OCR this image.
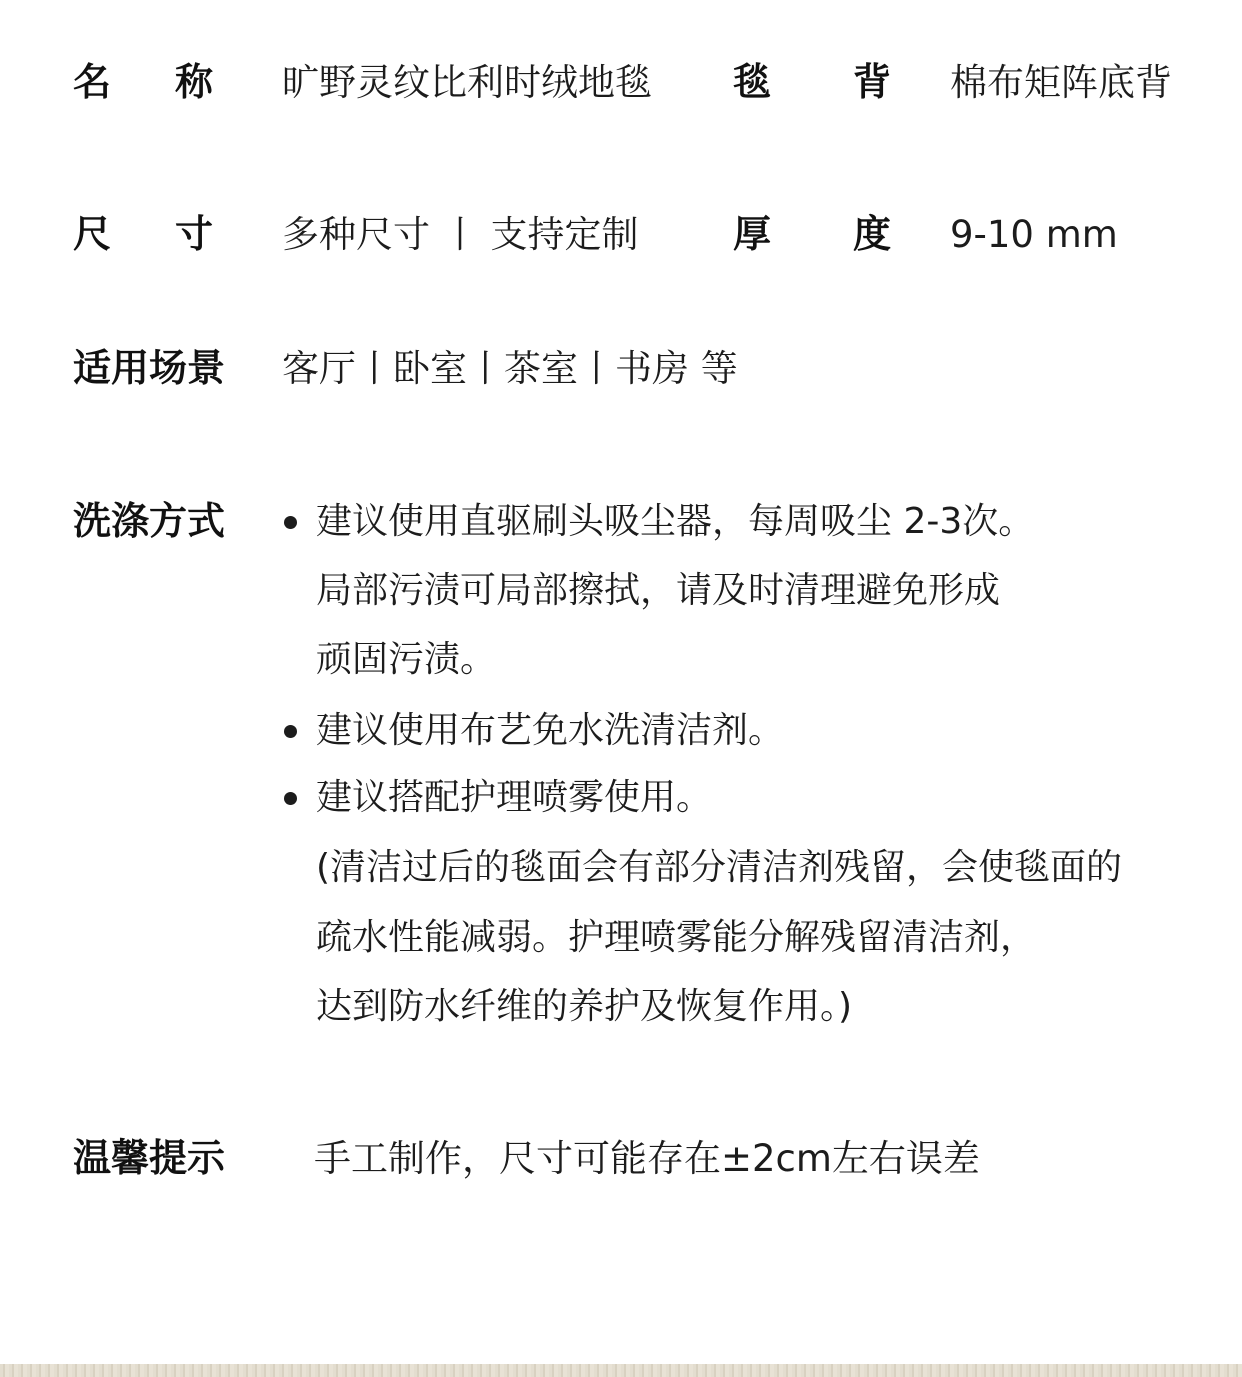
名 称 旷野灵纹比利时绒地毯 毯 背 棉布矩阵底背
尺 寸 多种尺寸 丨 支持定制 厚 度 9-10 mm
适用场景 客厅丨卧室丨茶室丨书房 等
洗涤方式	建议使用直驱刷头吸尘器，每周吸尘 2-3次。
局部污渍可局部擦拭，请及时清理避免形成
顽固污渍。
建议使用布艺免水洗清洁剂。
建议搭配护理喷雾使用。
(清洁过后的毯面会有部分清洁剂残留，会使毯面的
疏水性能减弱。护理喷雾能分解残留清洁剂，
达到防水纤维的养护及恢复作用。)
温馨提示 手工制作，尺寸可能存在±2cm左右误差
